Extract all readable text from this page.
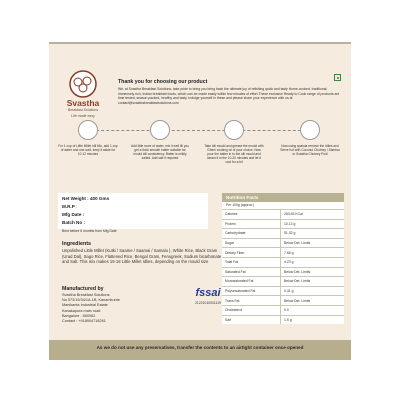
Svastha
Breakfast Solutions
Life made easy
Thank you for choosing our product
We, at Svastha Breakfast Solutions, take pride to bring you bring back the ultimate joy of relishing quick and tasty Home-cooked, traditional, immensely rich, Indian breakfast foods, which can be made easily within few minutes of effort.These exclusive Ready to Cook range of products are time tested, season packed, healthy and tasty. Indulge yourself in these and please share your experience with us at contact@svasthabreakfastsolutions.com
For 1 cup of Little Millet Idli Mix, add 1 cup of water and one-well, keep it aside for 10-12 minutes
Add little more of water, mix it well till you get a thick smooth batter suitable for mould idli consistency. Batter is mildly salted. Add salt if required
Take idli mould and grease the mould with Ghee/ cooking oil of your choice. Now pour the batter in to the idli mould and steam it in the 10-20 minutes and let it cool for a bit
Now using spatula remove the Idlies and Serve hot with Coconut Chutney / Sambar or Svastha Chutney Podi
Net Weight : 400 Gms
M.R.P :
Mfg Date :
Batch No :
Best before 6 months from Mfg Date
Ingredients
Unpolished Little Millet (Kutki / Saame / Saamai / Samalu ), White Rice, Black Gram (Urad Dal), Sago Rice, Flattened Rice, Bengal Gram, Fenugreek, Sodium bicarbonate and Salt. This mix makes 15-18 Little Millet Idlies, depending on the mould size
Manufactured by
Svastha Breakfast Solutions
No 573/19/34/1A-1B, Kanamkunte
Manikanta Industrial Estate
Kanakapura main road
Bangalore - 560062
Contact : +918904718261
fssai
21221010001119
Nutrition Facts
Per 100g (approx.)
Calories	283.63 KCal
Protein	10.13 g
Carbohydrate	51.32 g
Sugar	Below Det. Limits
Dietary Fiber	7.66 g
Total Fat	4.23 g
Saturated Fat	Below Det. Limits
Monosaturated Fat	Below Det. Limits
Polyunsaturated Fat	0.31 g
Trans Fat	Below Det. Limits
Cholesterol	0.0
Salt	1.5 g
As we do not use any preservatives, transfer the contents to an airtight container once opened
